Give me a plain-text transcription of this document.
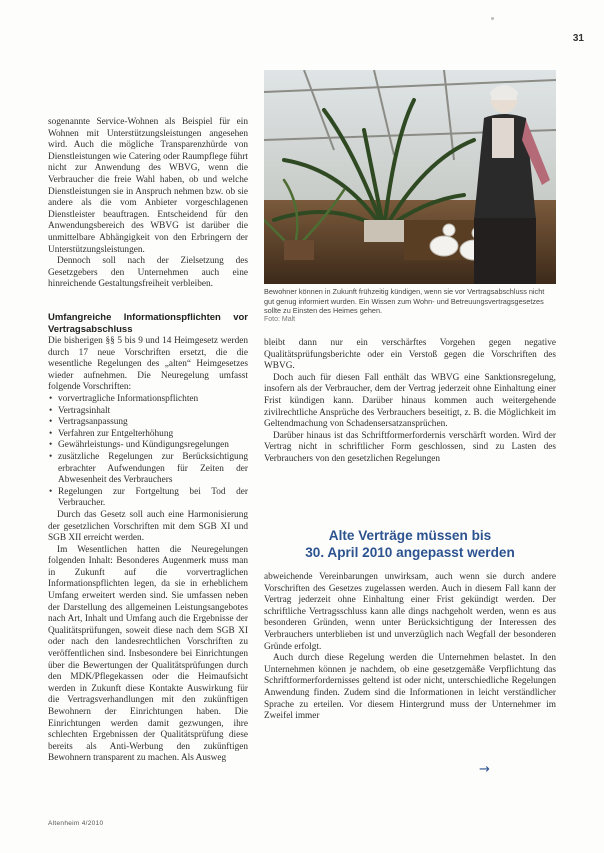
31

sogenannte Service-Wohnen als Beispiel für ein Wohnen mit Unterstützungsleistungen angesehen wird. Auch die mögliche Transparenzhürde von Dienstleistungen wie Catering oder Raumpflege führt nicht zur Anwendung des WBVG, wenn die Verbraucher die freie Wahl haben, ob und welche Dienstleistungen sie in Anspruch nehmen bzw. ob sie andere als die vom Anbieter vorgeschlagenen Dienstleister beauftragen. Entscheidend für den Anwendungsbereich des WBVG ist darüber die unmittelbare Abhängigkeit von den Erbringern der Unterstützungsleistungen.

Dennoch soll nach der Zielsetzung des Gesetzgebers den Unternehmen auch eine hinreichende Gestaltungsfreiheit verbleiben.

Umfangreiche Informationspflichten vor Vertragsabschluss

Die bisherigen §§ 5 bis 9 und 14 Heimgesetz werden durch 17 neue Vorschriften ersetzt, die die wesentliche Regelungen des „alten“ Heimgesetzes wieder aufnehmen. Die Neuregelung umfasst folgende Vorschriften:

• vorvertragliche Informationspflichten
• Vertragsinhalt
• Vertragsanpassung
• Verfahren zur Entgelterhöhung
• Gewährleistungs- und Kündigungsregelungen
• zusätzliche Regelungen zur Berücksichtigung erbrachter Aufwendungen für Zeiten der Abwesenheit des Verbrauchers
• Regelungen zur Fortgeltung bei Tod der Verbraucher.

Durch das Gesetz soll auch eine Harmonisierung der gesetzlichen Vorschriften mit dem SGB XI und SGB XII erreicht werden.

Im Wesentlichen hatten die Neuregelungen folgenden Inhalt: Besonderes Augenmerk muss man in Zukunft auf die vorvertraglichen Informationspflichten legen, da sie in erheblichem Umfang erweitert werden sind. Sie umfassen neben der Darstellung des allgemeinen Leistungsangebotes nach Art, Inhalt und Umfang auch die Ergebnisse der Qualitätsprüfungen, soweit diese nach dem SGB XI oder nach den landesrechtlichen Vorschriften zu veröffentlichen sind. Insbesondere bei Einrichtungen über die Bewertungen der Qualitätsprüfungen durch den MDK/Pflegekassen oder die Heimaufsicht werden in Zukunft diese Kontakte Auswirkung für die Vertragsverhandlungen mit den zukünftigen Bewohnern der Einrichtungen haben. Die Einrichtungen werden damit gezwungen, ihre schlechten Ergebnissen der Qualitätsprüfung diese bereits als Anti-Werbung den zukünftigen Bewohnern transparent zu machen. Als Ausweg

Bewohner können in Zukunft frühzeitig kündigen, wenn sie vor Vertragsabschluss nicht gut genug informiert wurden. Ein Wissen zum Wohn- und Betreuungsvertragsgesetzes sollte zu Einsten des Heimes gehen.
Foto: Malt

bleibt dann nur ein verschärftes Vorgehen gegen negative Qualitätsprüfungsberichte oder ein Verstoß gegen die Vorschriften des WBVG.

Doch auch für diesen Fall enthält das WBVG eine Sanktionsregelung, insofern als der Verbraucher, dem der Vertrag jederzeit ohne Einhaltung einer Frist kündigen kann. Darüber hinaus kommen auch weitergehende zivilrechtliche Ansprüche des Verbrauchers beseitigt, z. B. die Möglichkeit im Geltendmachung von Schadensersatzansprüchen.

Darüber hinaus ist das Schriftformerfordernis verschärft worden. Wird der Vertrag nicht in schriftlicher Form geschlossen, sind zu Lasten des Verbrauchers von den gesetzlichen Regelungen

Alte Verträge müssen bis
30. April 2010 angepasst werden

abweichende Vereinbarungen unwirksam, auch wenn sie durch andere Vorschriften des Gesetzes zugelassen werden. Auch in diesem Fall kann der Vertrag jederzeit ohne Einhaltung einer Frist gekündigt werden. Der schriftliche Vertragsschluss kann alle dings nachgeholt werden, wenn es aus besonderen Gründen, wenn unter Berücksichtigung der Interessen des Verbrauchers unterblieben ist und unverzüglich nach Wegfall der besonderen Gründe erfolgt.

Auch durch diese Regelung werden die Unternehmen belastet. In den Unternehmen können je nachdem, ob eine gesetzgemäße Verpflichtung das Schriftformerfordernisses geltend ist oder nicht, unterschiedliche Regelungen Anwendung finden. Zudem sind die Informationen in leicht verständlicher Sprache zu erteilen. Vor diesem Hintergrund muss der Unternehmer im Zweifel immer

→
Altenheim 4/2010
